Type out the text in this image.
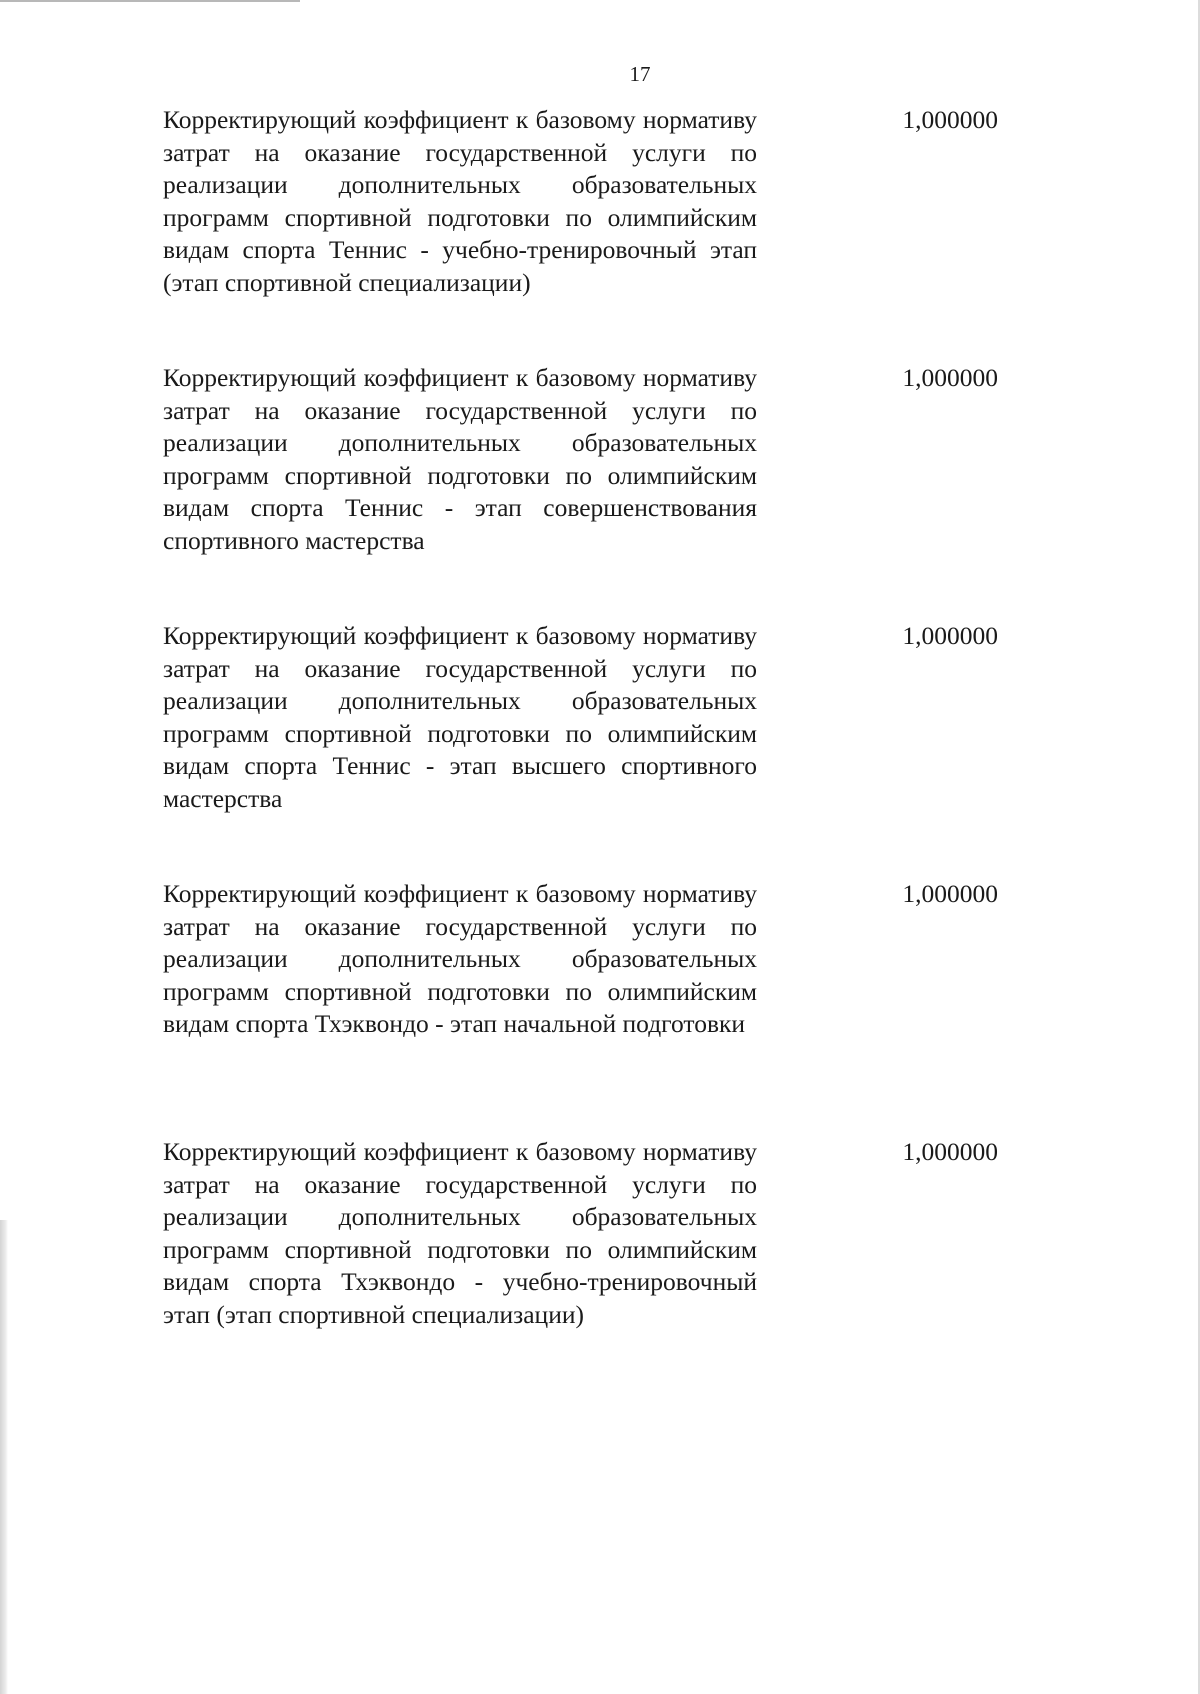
17
Корректирующий коэффициент к базовому нормативу затрат на оказание государственной услуги по реализации дополнительных образовательных программ спортивной подготовки по олимпийским видам спорта Теннис - учебно-тренировочный этап (этап спортивной специализации)
1,000000
Корректирующий коэффициент к базовому нормативу затрат на оказание государственной услуги по реализации дополнительных образовательных программ спортивной подготовки по олимпийским видам спорта Теннис - этап совершенствования спортивного мастерства
1,000000
Корректирующий коэффициент к базовому нормативу затрат на оказание государственной услуги по реализации дополнительных образовательных программ спортивной подготовки по олимпийским видам спорта Теннис - этап высшего спортивного мастерства
1,000000
Корректирующий коэффициент к базовому нормативу затрат на оказание государственной услуги по реализации дополнительных образовательных программ спортивной подготовки по олимпийским видам спорта Тхэквондо - этап начальной подготовки
1,000000
Корректирующий коэффициент к базовому нормативу затрат на оказание государственной услуги по реализации дополнительных образовательных программ спортивной подготовки по олимпийским видам спорта Тхэквондо - учебно-тренировочный этап (этап спортивной специализации)
1,000000
